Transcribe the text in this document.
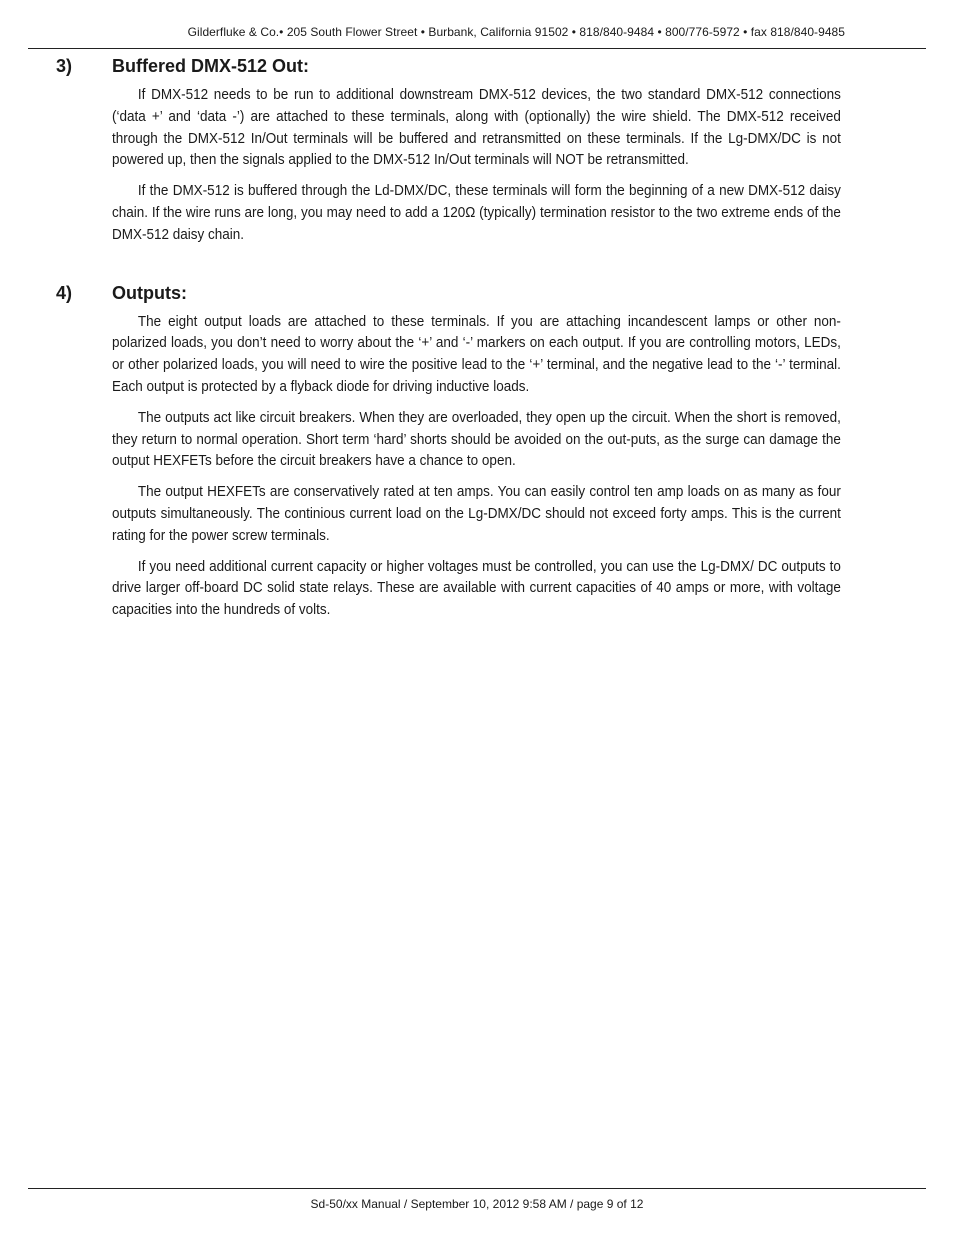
Gilderfluke & Co.• 205 South Flower Street • Burbank, California 91502 • 818/840-9484 • 800/776-5972 • fax 818/840-9485
3)	Buffered DMX-512 Out:

If DMX-512 needs to be run to additional downstream DMX-512 devices, the two standard DMX-512 connections (‘data +’ and ‘data -’) are attached to these terminals, along with (optionally) the wire shield. The DMX-512 received through the DMX-512 In/Out terminals will be buffered and retransmitted on these terminals. If the Lg-DMX/DC is not powered up, then the signals applied to the DMX-512 In/Out terminals will NOT be retransmitted.

If the DMX-512 is buffered through the Ld-DMX/DC, these terminals will form the beginning of a new DMX-512 daisy chain. If the wire runs are long, you may need to add a 120Ω (typically) termination resistor to the two extreme ends of the DMX-512 daisy chain.

4)	Outputs:

The eight output loads are attached to these terminals. If you are attaching incandescent lamps or other non-polarized loads, you don’t need to worry about the ‘+’ and ‘-’ markers on each output. If you are controlling motors, LEDs, or other polarized loads, you will need to wire the positive lead to the ‘+’ terminal, and the negative lead to the ‘-’ terminal. Each output is protected by a flyback diode for driving inductive loads.

The outputs act like circuit breakers. When they are overloaded, they open up the circuit. When the short is removed, they return to normal operation. Short term ‘hard’ shorts should be avoided on the out-puts, as the surge can damage the output HEXFETs before the circuit breakers have a chance to open.

The output HEXFETs are conservatively rated at ten amps. You can easily control ten amp loads on as many as four outputs simultaneously. The continious current load on the Lg-DMX/DC should not exceed forty amps. This is the current rating for the power screw terminals.

If you need additional current capacity or higher voltages must be controlled, you can use the Lg-DMX/ DC outputs to drive larger off-board DC solid state relays. These are available with current capacities of 40 amps or more, with voltage capacities into the hundreds of volts.

Sd-50/xx Manual / September 10, 2012 9:58 AM / page 9 of 12
